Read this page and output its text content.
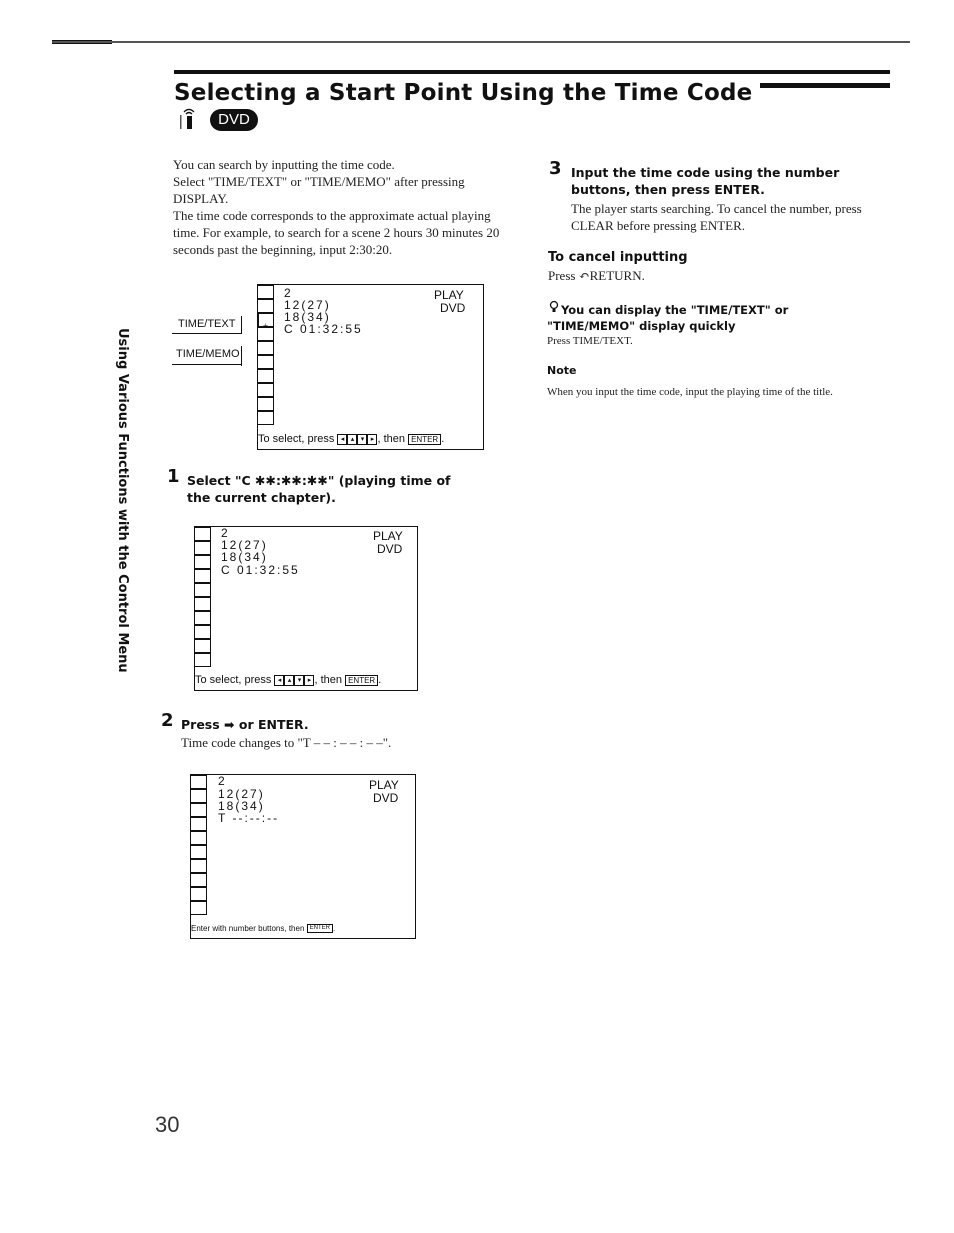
Selecting a Start Point Using the Time Code
DVD
Using Various Functions with the Control Menu
You can search by inputting the time code.
Select "TIME/TEXT" or "TIME/MEMO" after pressing DISPLAY.
The time code corresponds to the approximate actual playing time. For example, to search for a scene 2 hours 30 minutes 20 seconds past the beginning, input 2:30:20.
TIME/TEXT
TIME/MEMO
+
2
12(27)
18(34)
C 01:32:55
PLAY
DVD
To select, press ◂ ▴ ▾ ▸ , then ENTER .
1 Select "C ✱✱:✱✱:✱✱" (playing time of the current chapter).
2
12(27)
18(34)
C 01:32:55
PLAY
DVD
To select, press ◂ ▴ ▾ ▸ , then ENTER .
2 Press ➡ or ENTER.
Time code changes to "T – – : – – : – –".
2
12(27)
18(34)
T --:--:--
PLAY
DVD
Enter with number buttons, then ENTER .
3 Input the time code using the number buttons, then press ENTER.
The player starts searching. To cancel the number, press CLEAR before pressing ENTER.
To cancel inputting
Press ↶RETURN.
You can display the "TIME/TEXT" or "TIME/MEMO" display quickly
Press TIME/TEXT.
Note
When you input the time code, input the playing time of the title.
30
